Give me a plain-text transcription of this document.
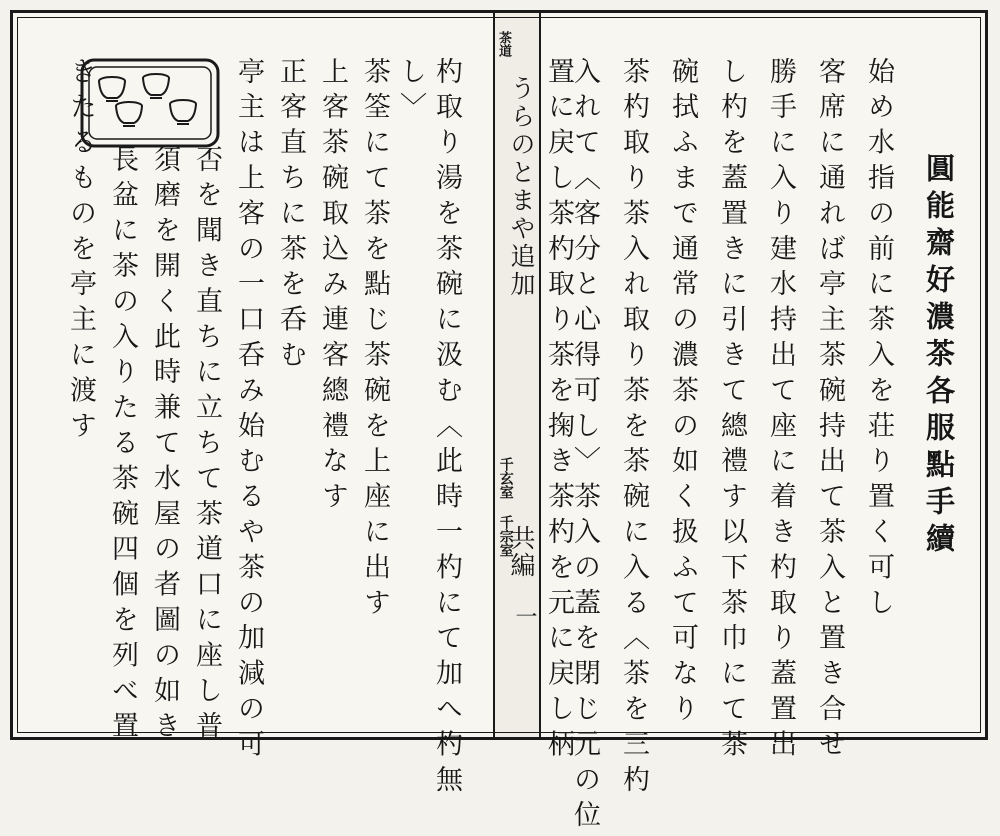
圓能齋好濃茶各服點手續
始め水指の前に茶入を荘り置く可し
客席に通れば亭主茶碗持出て茶入と置き合せ
勝手に入り建水持出て座に着き杓取り蓋置出
し杓を蓋置きに引きて總禮す以下茶巾にて茶
碗拭ふまで通常の濃茶の如く扱ふて可なり
茶杓取り茶入れ取り茶を茶碗に入る〈茶を三杓
入れて〈客分と心得可し〉茶入の蓋を閉じ元の位
置に戻し茶杓取り茶を掬き茶杓を元に戻し柄
茶道
うらのとまや追加
千玄室 千宗室
共編
一
杓取り湯を茶碗に汲む〈此時一杓にて加へ杓無
し〉
茶筌にて茶を點じ茶碗を上座に出す
上客茶碗取込み連客總禮なす
正客直ちに茶を呑む
亭主は上客の一口呑み始むるや茶の加減の可
否を聞き直ちに立ちて茶道口に座し普
須磨を開く此時兼て水屋の者圖の如き
長盆に茶の入りたる茶碗四個を列べ置
きたるものを亭主に渡す
